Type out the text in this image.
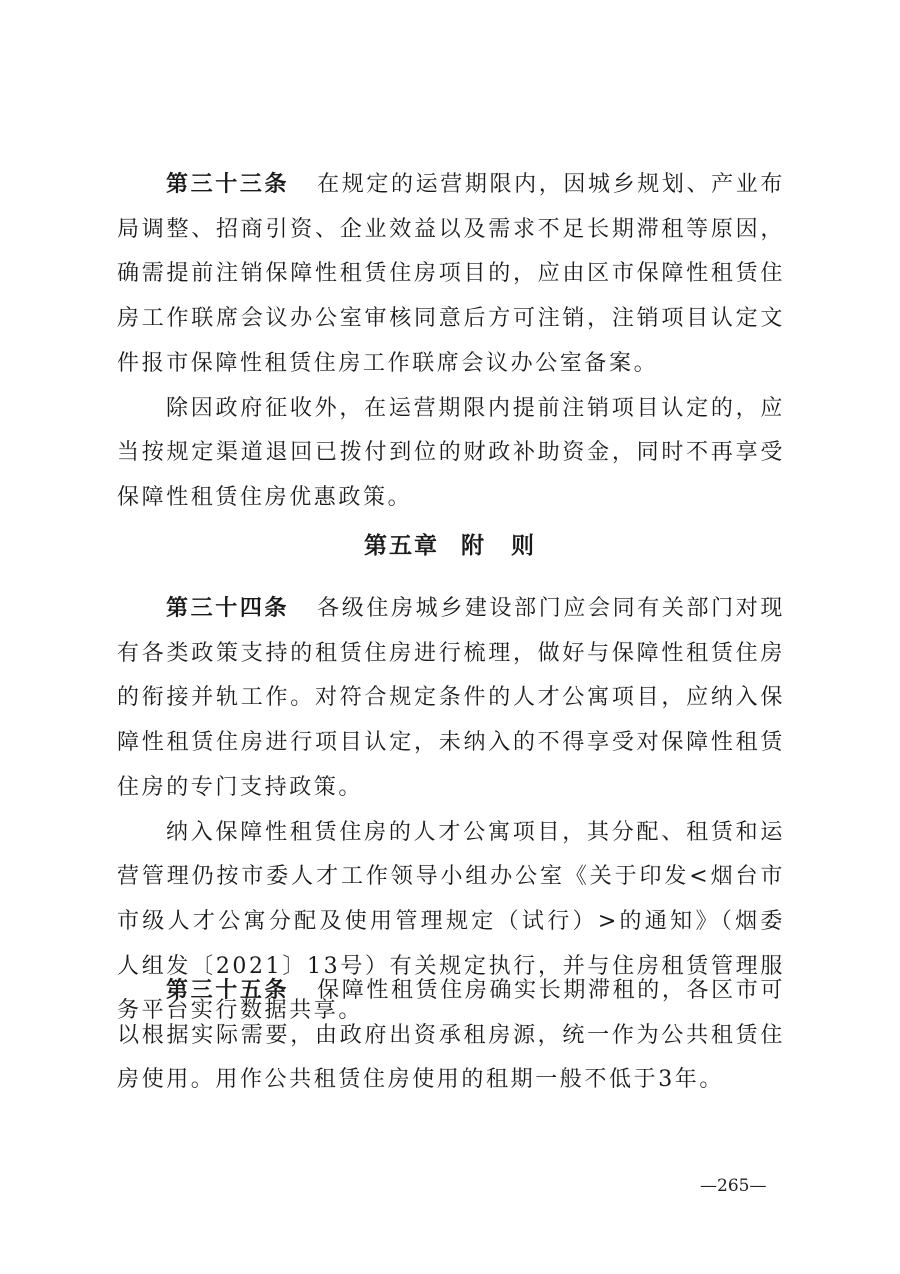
第三十三条 在规定的运营期限内，因城乡规划、产业布局调整、招商引资、企业效益以及需求不足长期滞租等原因，确需提前注销保障性租赁住房项目的，应由区市保障性租赁住房工作联席会议办公室审核同意后方可注销，注销项目认定文件报市保障性租赁住房工作联席会议办公室备案。

除因政府征收外，在运营期限内提前注销项目认定的，应当按规定渠道退回已拨付到位的财政补助资金，同时不再享受保障性租赁住房优惠政策。

第五章 附　则

第三十四条 各级住房城乡建设部门应会同有关部门对现有各类政策支持的租赁住房进行梳理，做好与保障性租赁住房的衔接并轨工作。对符合规定条件的人才公寓项目，应纳入保障性租赁住房进行项目认定，未纳入的不得享受对保障性租赁住房的专门支持政策。

纳入保障性租赁住房的人才公寓项目，其分配、租赁和运营管理仍按市委人才工作领导小组办公室《关于印发<烟台市市级人才公寓分配及使用管理规定（试行）>的通知》（烟委人组发〔2021〕13号）有关规定执行，并与住房租赁管理服务平台实行数据共享。

第三十五条 保障性租赁住房确实长期滞租的，各区市可以根据实际需要，由政府出资承租房源，统一作为公共租赁住房使用。用作公共租赁住房使用的租期一般不低于3年。

—265—
